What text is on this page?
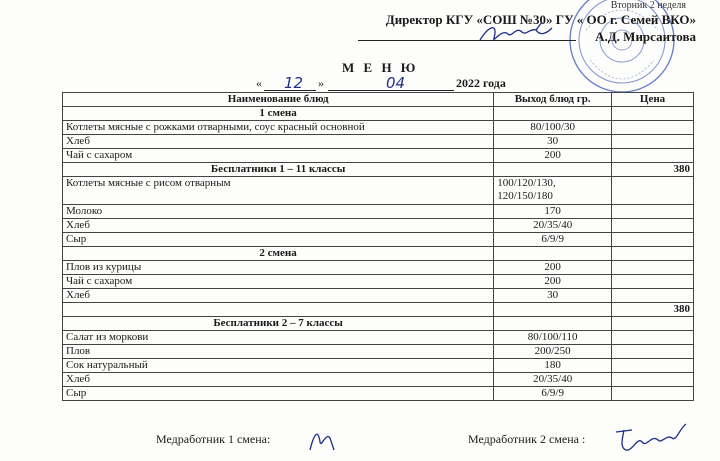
Вторник 2 неделя
Директор КГУ «СОШ №30» ГУ « ОО г. Семей ВКО»
А.Д. Мирсаитова
М Е Н Ю
« 12 »	04	2022 года
Наименование блюд	Выход блюд гр.	Цена
1 смена		
Котлеты мясные с рожками отварными, соус красный основной	80/100/30	
Хлеб	30	
Чай с сахаром	200	
Бесплатники 1 – 11 классы		380
Котлеты мясные с рисом отварным	100/120/130,
120/150/180	

Молоко	170	
Хлеб	20/35/40	
Сыр	6/9/9	
2 смена		
Плов из курицы	200	
Чай с сахаром	200	
Хлеб	30	
		380
Бесплатники 2 – 7 классы		
Салат из моркови	80/100/110	
Плов	200/250	
Сок натуральный	180	
Хлеб	20/35/40	
Сыр	6/9/9	
Медработник 1 смена:	Медработник 2 смена :
